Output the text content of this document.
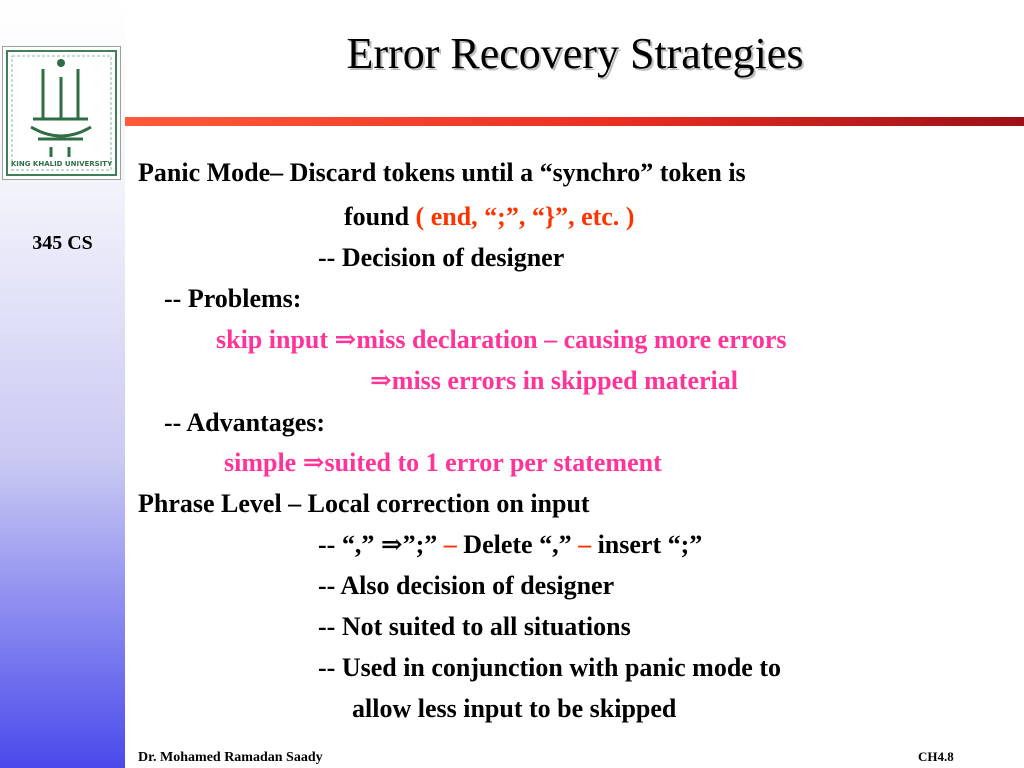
KING KHALID UNIVERSITY
345 CS
Error Recovery Strategies
Panic Mode– Discard tokens until a “synchro” token is
found ( end, “;”, “}”, etc. )
-- Decision of designer
-- Problems:
skip input ⇒miss declaration – causing more errors
⇒miss errors in skipped material
-- Advantages:
simple ⇒suited to 1 error per statement
Phrase Level – Local correction on input
-- “,” ⇒”;” – Delete “,” – insert “;”
-- Also decision of designer
-- Not suited to all situations
-- Used in conjunction with panic mode to
allow less input to be skipped
Dr. Mohamed Ramadan Saady	CH4.8
